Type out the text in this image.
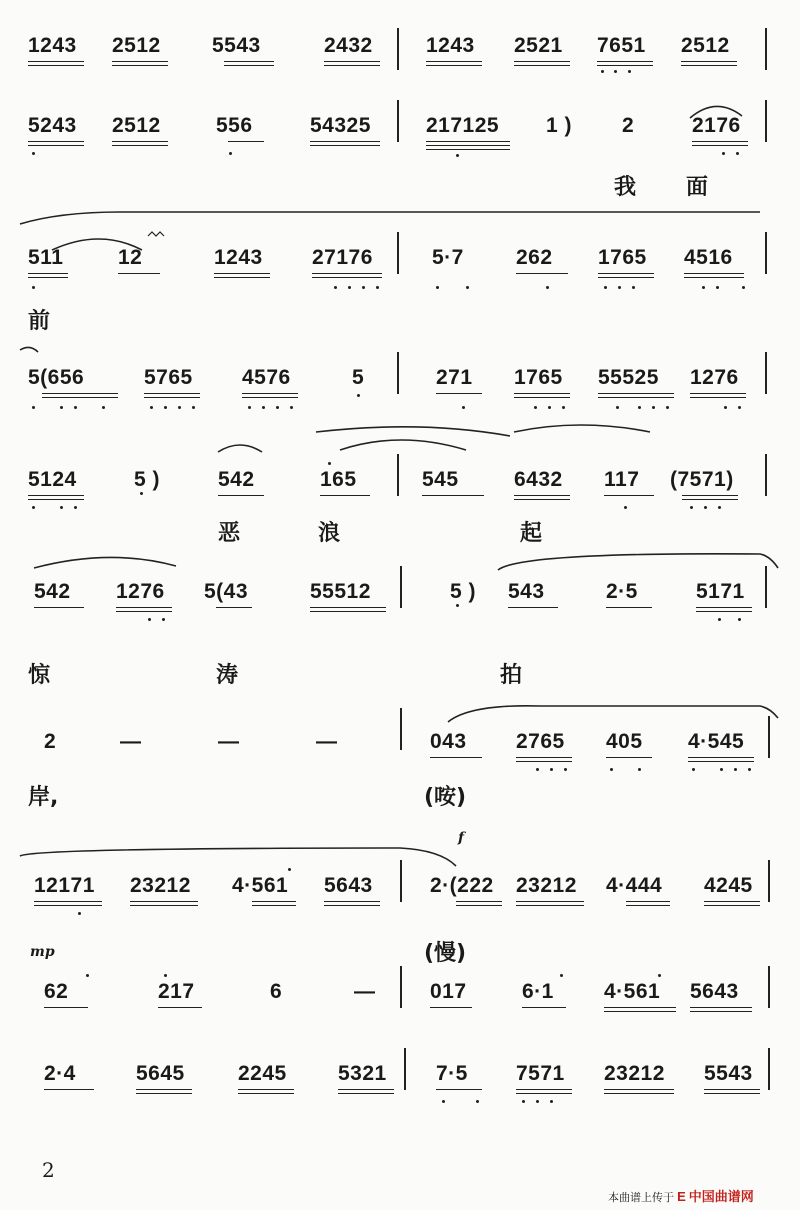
1243 2512 5543	2432	1243 2521 7651 2512
5243 2512	556	54325	217125 1 ) 2	2176
我 面
511	12	1243 27176	5·7 262 1765 4516
前
5(656	5765 4576	5	271 1765 55525 1276
5124	5 )	542	165	545	6432 117 (7571)
恶	浪	起
542 1276 5(43	55512	5 ) 543	2·5	5171
惊	涛	拍
2	—	—	—	043 2765 405 4·545
岸,	(咹)
f
12171 23212 4·561 5643	2·(222 23212 4·444 4245
(慢)
mp
62	217	6	—	017	6·1 4·561 5643
2·4	5645	2245 5321 7·5 7571 23212 5543
2
本曲谱上传于 E 中国曲谱网
